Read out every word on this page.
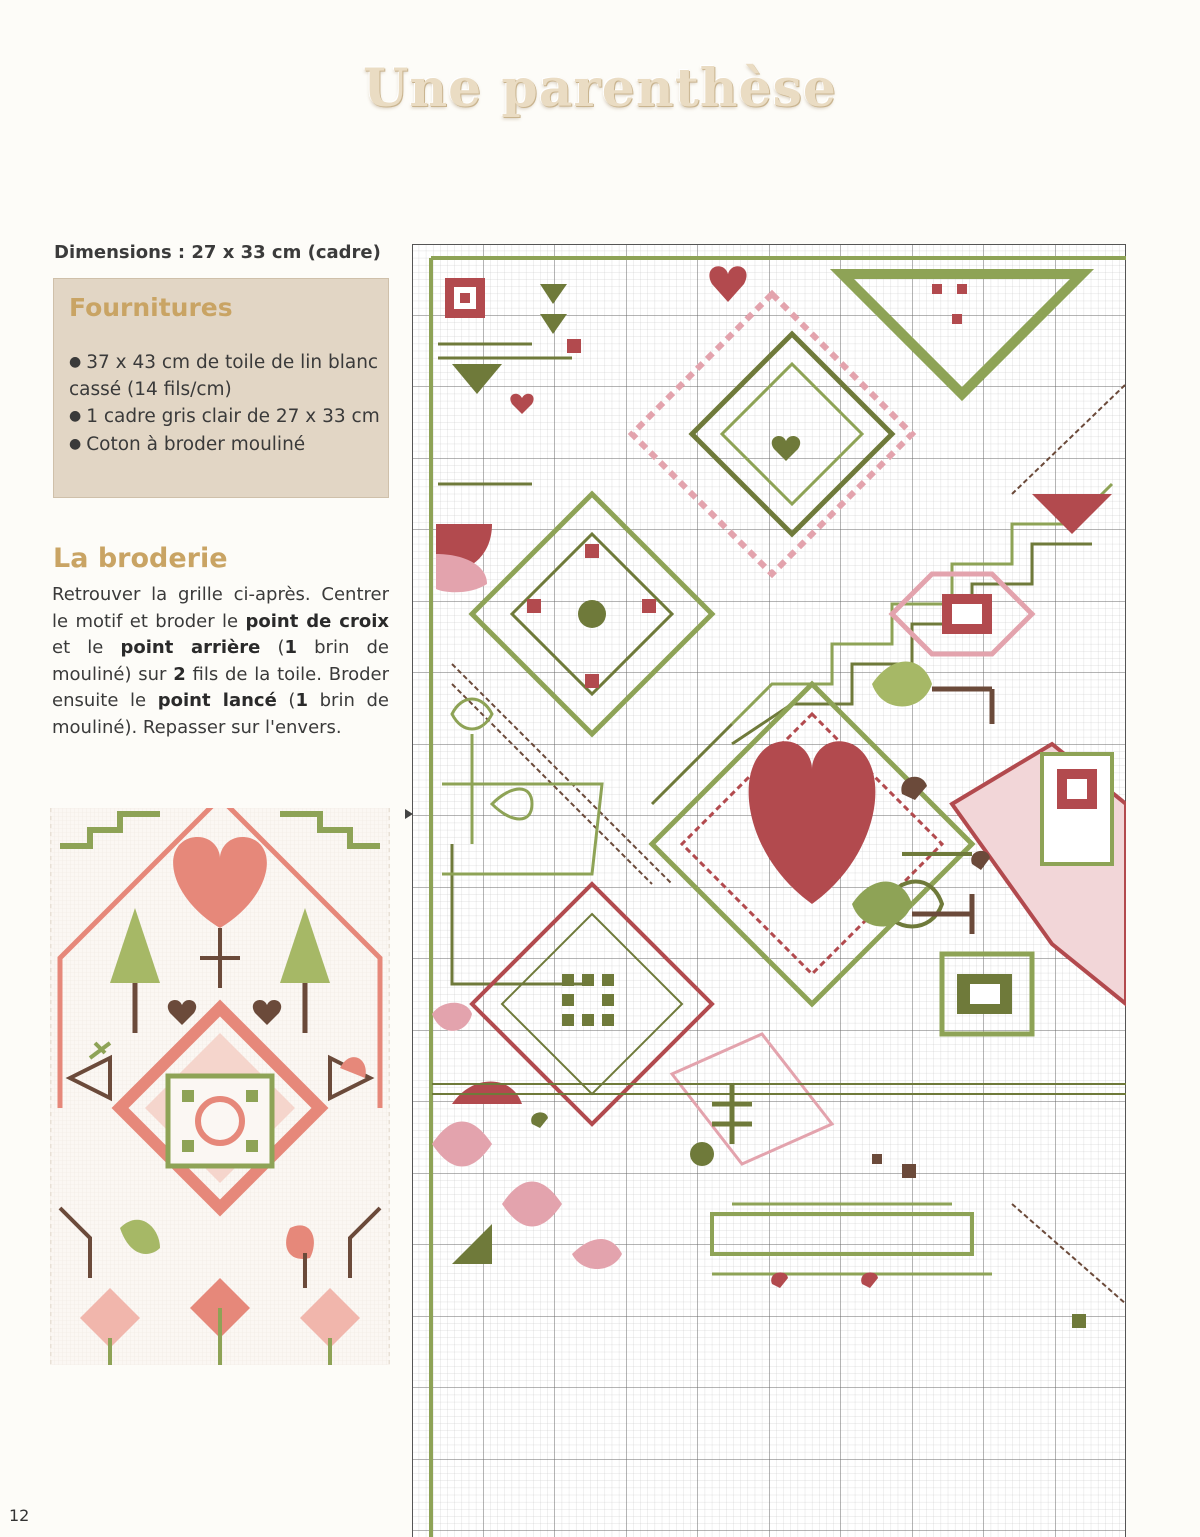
Une parenthèse
Dimensions : 27 x 33 cm (cadre)
Fournitures
● 37 x 43 cm de toile de lin blanc cassé (14 fils/cm)
● 1 cadre gris clair de 27 x 33 cm
● Coton à broder mouliné
La broderie

Retrouver la grille ci-après. Centrer le motif et broder le point de croix et le point arrière (1 brin de mouliné) sur 2 fils de la toile. Broder ensuite le point lancé (1 brin de mouliné). Repasser sur l'envers.

12
